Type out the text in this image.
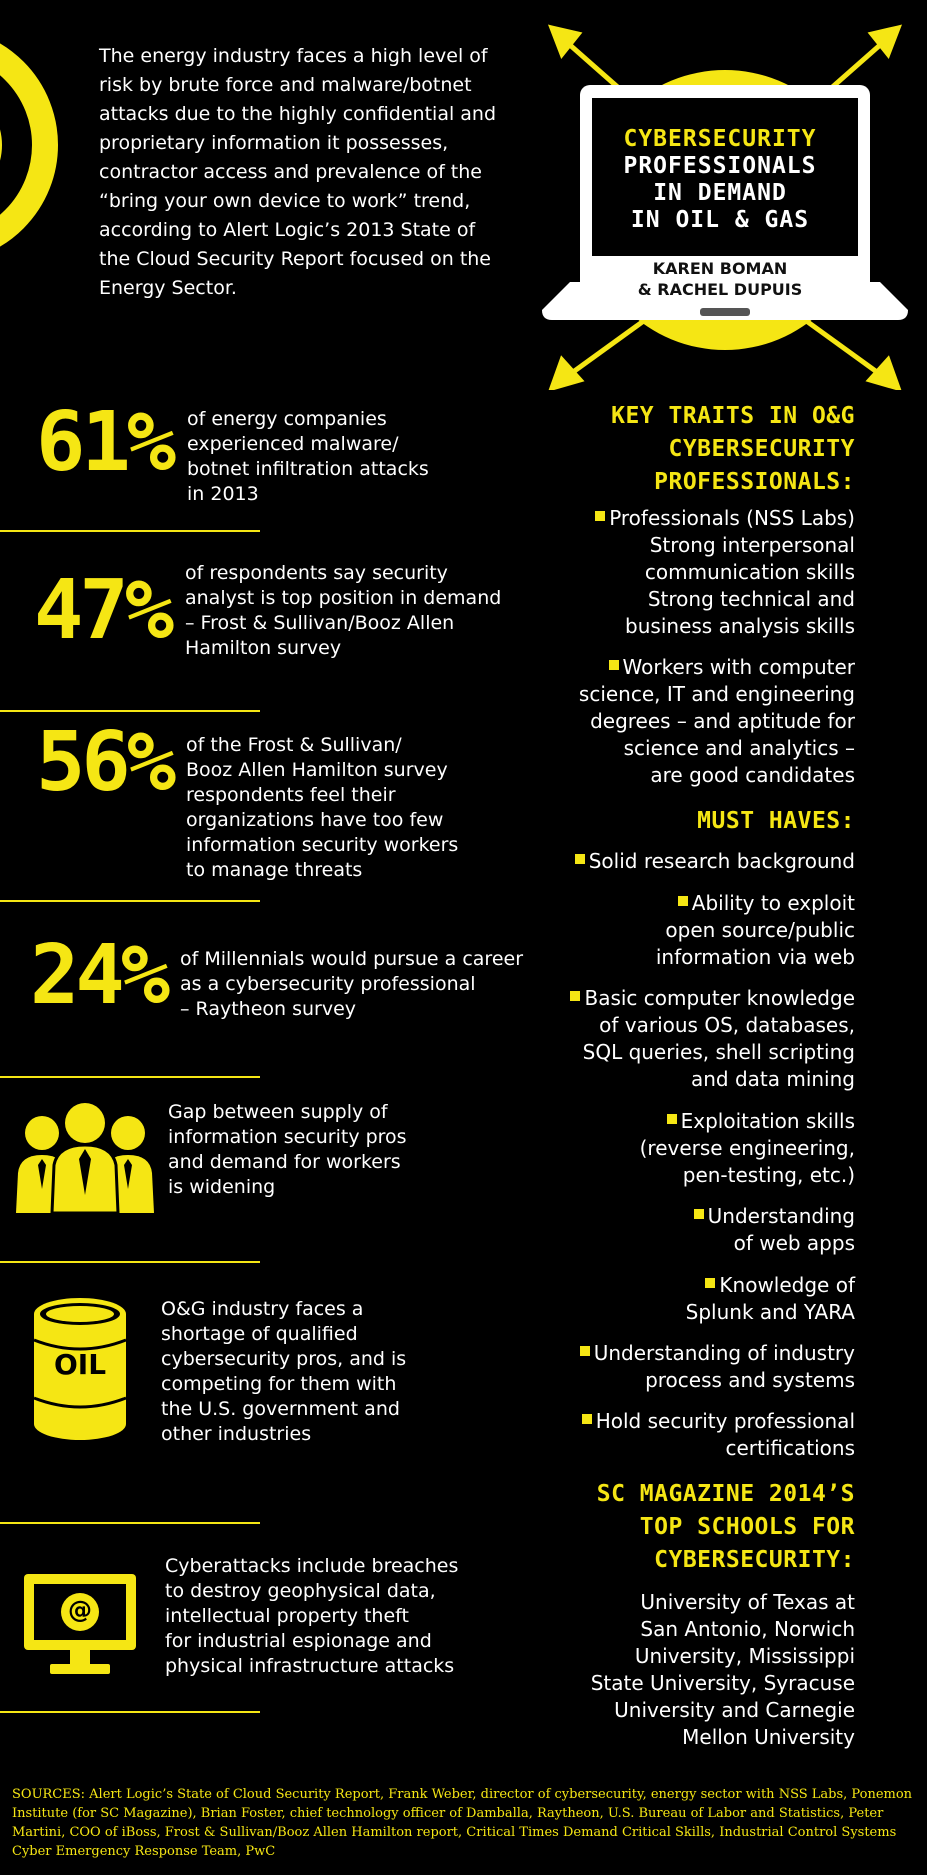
The energy industry faces a high level of
risk by brute force and malware/botnet
attacks due to the highly confidential and
proprietary information it possesses,
contractor access and prevalence of the
“bring your own device to work” trend,
according to Alert Logic’s 2013 State of
the Cloud Security Report focused on the
Energy Sector.
CYBERSECURITY
PROFESSIONALS
IN DEMAND
IN OIL & GAS
KAREN BOMAN
& RACHEL DUPUIS
61% of energy companies
experienced malware/
botnet infiltration attacks
in 2013
47% of respondents say security
analyst is top position in demand
– Frost & Sullivan/Booz Allen
Hamilton survey
56% of the Frost & Sullivan/
Booz Allen Hamilton survey
respondents feel their
organizations have too few
information security workers
to manage threats
24% of Millennials would pursue a career
as a cybersecurity professional
– Raytheon survey
Gap between supply of
information security pros
and demand for workers
is widening
OIL
O&G industry faces a
shortage of qualified
cybersecurity pros, and is
competing for them with
the U.S. government and
other industries
@
Cyberattacks include breaches
to destroy geophysical data,
intellectual property theft
for industrial espionage and
physical infrastructure attacks
KEY TRAITS IN O&G
CYBERSECURITY
PROFESSIONALS:
Professionals (NSS Labs)
Strong interpersonal
communication skills
Strong technical and
business analysis skills
Workers with computer
science, IT and engineering
degrees – and aptitude for
science and analytics –
are good candidates
MUST HAVES:
Solid research background
Ability to exploit
open source/public
information via web
Basic computer knowledge
of various OS, databases,
SQL queries, shell scripting
and data mining
Exploitation skills
(reverse engineering,
pen-testing, etc.)
Understanding
of web apps
Knowledge of
Splunk and YARA
Understanding of industry
process and systems
Hold security professional
certifications
SC MAGAZINE 2014’S
TOP SCHOOLS FOR
CYBERSECURITY:
University of Texas at
San Antonio, Norwich
University, Mississippi
State University, Syracuse
University and Carnegie
Mellon University
SOURCES: Alert Logic’s State of Cloud Security Report, Frank Weber, director of cybersecurity, energy sector with NSS Labs, Ponemon Institute (for SC Magazine), Brian Foster, chief technology officer of Damballa, Raytheon, U.S. Bureau of Labor and Statistics, Peter Martini, COO of iBoss, Frost & Sullivan/Booz Allen Hamilton report, Critical Times Demand Critical Skills, Industrial Control Systems Cyber Emergency Response Team, PwC
